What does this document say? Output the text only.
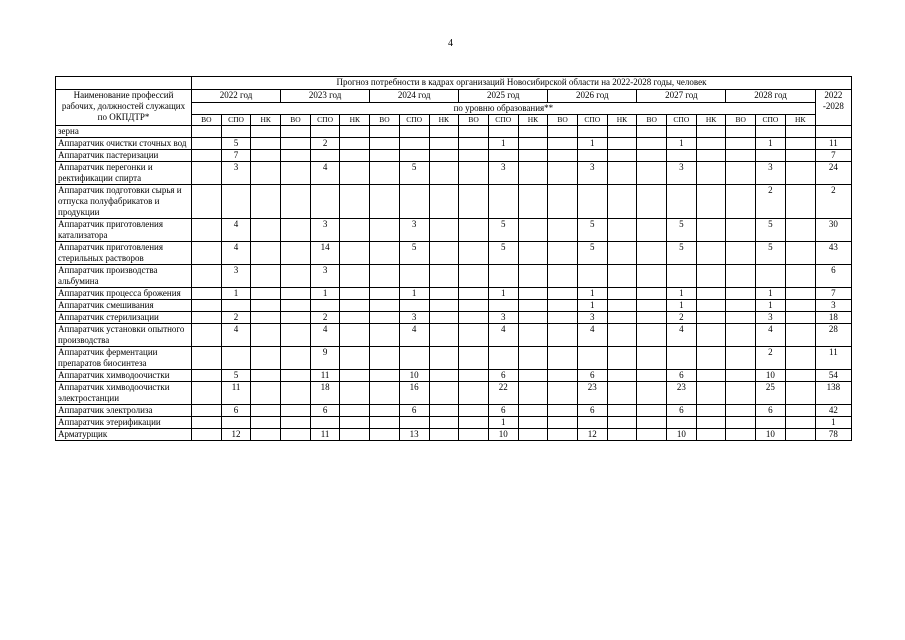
4
	Прогноз потребности в кадрах организаций Новосибирской области на 2022-2028 годы, человек																					
Наименование профессий рабочих, должностей служащих по ОКПДТР*	2022 год			2023 год			2024 год			2025 год			2026 год			2027 год			2028 год			2022 -2028
	по уровню образования**																					
	ВО	СПО	НК	ВО	СПО	НК	ВО	СПО	НК	ВО	СПО	НК	ВО	СПО	НК	ВО	СПО	НК	ВО	СПО	НК	
зерна																						
Аппаратчик очистки сточных вод		5			2						1			1			1			1		11
Аппаратчик пастеризации		7																				7
Аппаратчик перегонки и ректификации спирта		3			4			5			3			3			3			3		24
Аппаратчик подготовки сырья и отпуска полуфабрикатов и продукции																				2		2
Аппаратчик приготовления катализатора		4			3			3			5			5			5			5		30
Аппаратчик приготовления стерильных растворов		4			14			5			5			5			5			5		43
Аппаратчик производства альбумина		3			3																	6
Аппаратчик процесса брожения		1			1			1			1			1			1			1		7
Аппаратчик смешивания														1			1			1		3
Аппаратчик стерилизации		2			2			3			3			3			2			3		18
Аппаратчик установки опытного производства		4			4			4			4			4			4			4		28
Аппаратчик ферментации препаратов биосинтеза					9															2		11
Аппаратчик химводоочистки		5			11			10			6			6			6			10		54
Аппаратчик химводоочистки электростанции		11			18			16			22			23			23			25		138
Аппаратчик электролиза		6			6			6			6			6			6			6		42
Аппаратчик этерификации											1											1
Арматурщик		12			11			13			10			12			10			10		78
